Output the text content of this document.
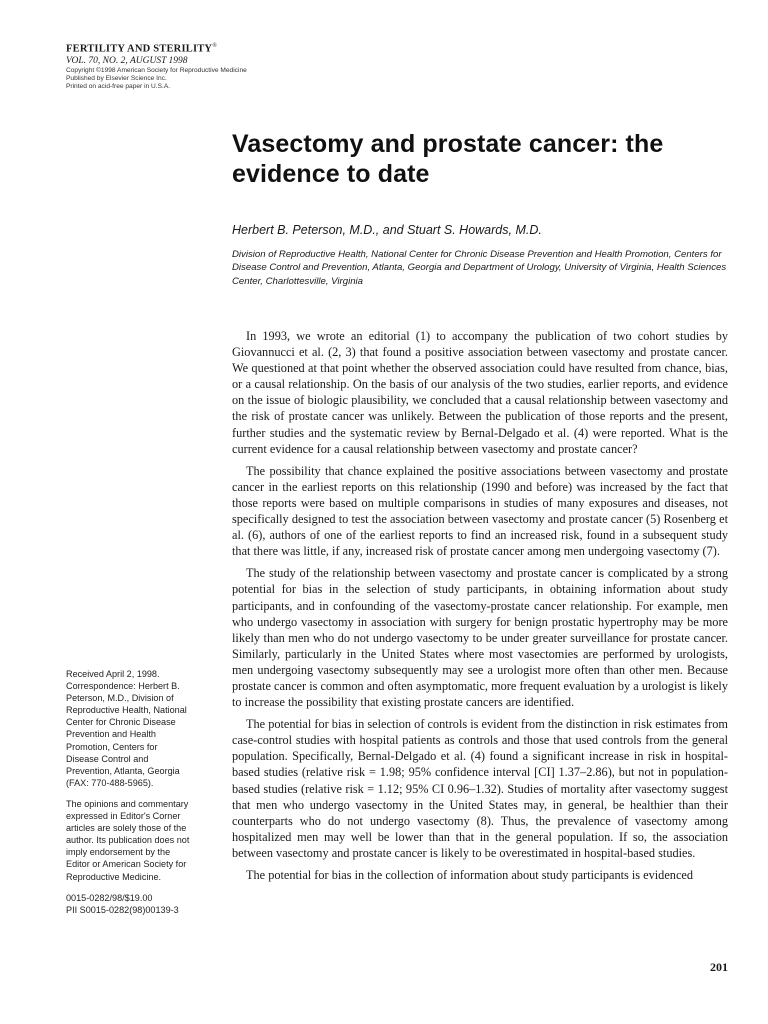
FERTILITY AND STERILITY®
VOL. 70, NO. 2, AUGUST 1998
Copyright ©1998 American Society for Reproductive Medicine
Published by Elsevier Science Inc.
Printed on acid-free paper in U.S.A.
Vasectomy and prostate cancer: the evidence to date
Herbert B. Peterson, M.D., and Stuart S. Howards, M.D.
Division of Reproductive Health, National Center for Chronic Disease Prevention and Health Promotion, Centers for Disease Control and Prevention, Atlanta, Georgia and Department of Urology, University of Virginia, Health Sciences Center, Charlottesville, Virginia

In 1993, we wrote an editorial (1) to accompany the publication of two cohort studies by Giovannucci et al. (2, 3) that found a positive association between vasectomy and prostate cancer. We questioned at that point whether the observed association could have resulted from chance, bias, or a causal relationship. On the basis of our analysis of the two studies, earlier reports, and evidence on the issue of biologic plausibility, we concluded that a causal relationship between vasectomy and the risk of prostate cancer was unlikely. Between the publication of those reports and the present, further studies and the systematic review by Bernal-Delgado et al. (4) were reported. What is the current evidence for a causal relationship between vasectomy and prostate cancer?

The possibility that chance explained the positive associations between vasectomy and prostate cancer in the earliest reports on this relationship (1990 and before) was increased by the fact that those reports were based on multiple comparisons in studies of many exposures and diseases, not specifically designed to test the association between vasectomy and prostate cancer (5) Rosenberg et al. (6), authors of one of the earliest reports to find an increased risk, found in a subsequent study that there was little, if any, increased risk of prostate cancer among men undergoing vasectomy (7).

The study of the relationship between vasectomy and prostate cancer is complicated by a strong potential for bias in the selection of study participants, in obtaining information about study participants, and in confounding of the vasectomy-prostate cancer relationship. For example, men who undergo vasectomy in association with surgery for benign prostatic hypertrophy may be more likely than men who do not undergo vasectomy to be under greater surveillance for prostate cancer. Similarly, particularly in the United States where most vasectomies are performed by urologists, men undergoing vasectomy subsequently may see a urologist more often than other men. Because prostate cancer is common and often asymptomatic, more frequent evaluation by a urologist is likely to increase the possibility that existing prostate cancers are identified.

The potential for bias in selection of controls is evident from the distinction in risk estimates from case-control studies with hospital patients as controls and those that used controls from the general population. Specifically, Bernal-Delgado et al. (4) found a significant increase in risk in hospital-based studies (relative risk = 1.98; 95% confidence interval [CI] 1.37–2.86), but not in population-based studies (relative risk = 1.12; 95% CI 0.96–1.32). Studies of mortality after vasectomy suggest that men who undergo vasectomy in the United States may, in general, be healthier than their counterparts who do not undergo vasectomy (8). Thus, the prevalence of vasectomy among hospitalized men may well be lower than that in the general population. If so, the association between vasectomy and prostate cancer is likely to be overestimated in hospital-based studies.

The potential for bias in the collection of information about study participants is evidenced

Received April 2, 1998.
Correspondence: Herbert B. Peterson, M.D., Division of Reproductive Health, National Center for Chronic Disease Prevention and Health Promotion, Centers for Disease Control and Prevention, Atlanta, Georgia (FAX: 770-488-5965).

The opinions and commentary expressed in Editor's Corner articles are solely those of the author. Its publication does not imply endorsement by the Editor or American Society for Reproductive Medicine.

0015-0282/98/$19.00
PII S0015-0282(98)00139-3

201
